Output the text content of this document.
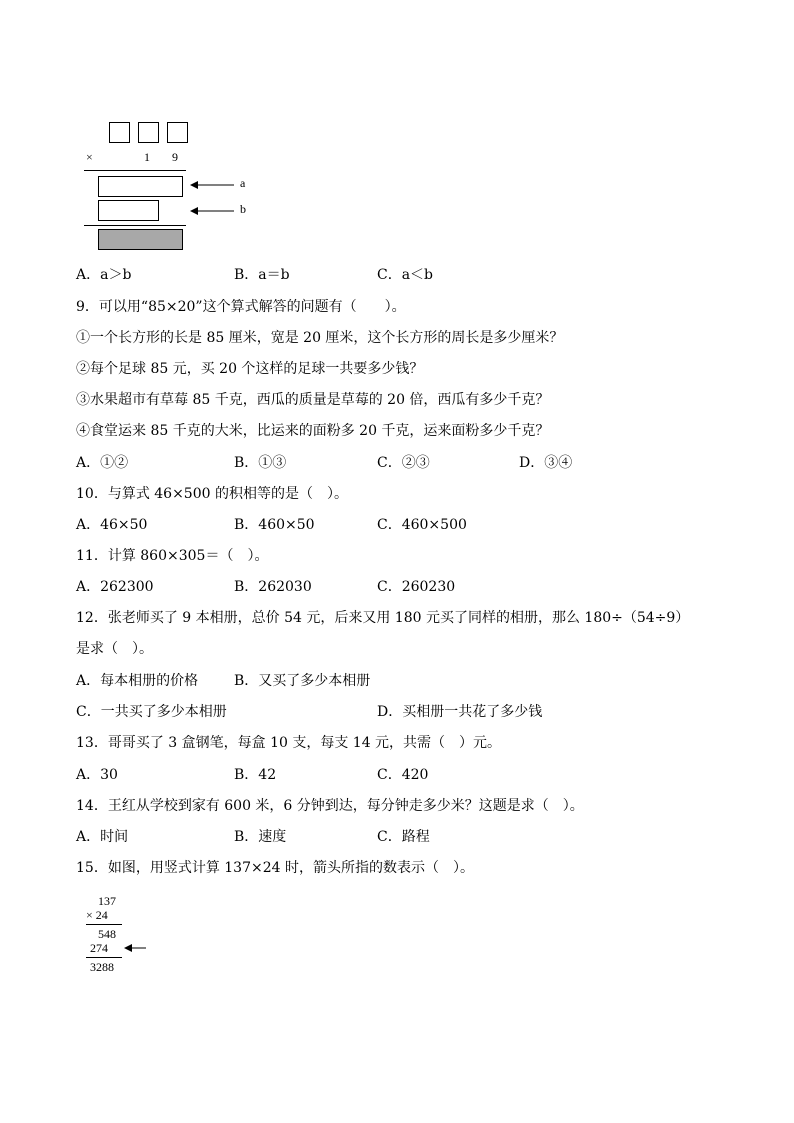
×	1 9
a
b
A．a＞b	B．a＝b	C．a＜b
9．可以用“85×20”这个算式解答的问题有（　　）。
①一个长方形的长是 85 厘米，宽是 20 厘米，这个长方形的周长是多少厘米？
②每个足球 85 元，买 20 个这样的足球一共要多少钱？
③水果超市有草莓 85 千克，西瓜的质量是草莓的 20 倍，西瓜有多少千克？
④食堂运来 85 千克的大米，比运来的面粉多 20 千克，运来面粉多少千克？
A．①②	B．①③	C．②③	D．③④
10．与算式 46×500 的积相等的是（　）。
A．46×50	B．460×50	C．460×500
11．计算 860×305＝（　）。
A．262300	B．262030	C．260230
12．张老师买了 9 本相册，总价 54 元，后来又用 180 元买了同样的相册，那么 180÷（54÷9）
是求（　）。
A．每本相册的价格	B．又买了多少本相册
C．一共买了多少本相册	D．买相册一共花了多少钱
13．哥哥买了 3 盒钢笔，每盒 10 支，每支 14 元，共需（　）元。
A．30	B．42	C．420
14．王红从学校到家有 600 米，6 分钟到达，每分钟走多少米？这题是求（　）。
A．时间	B．速度	C．路程
15．如图，用竖式计算 137×24 时，箭头所指的数表示（　）。
137
× 24
548
274
3288
